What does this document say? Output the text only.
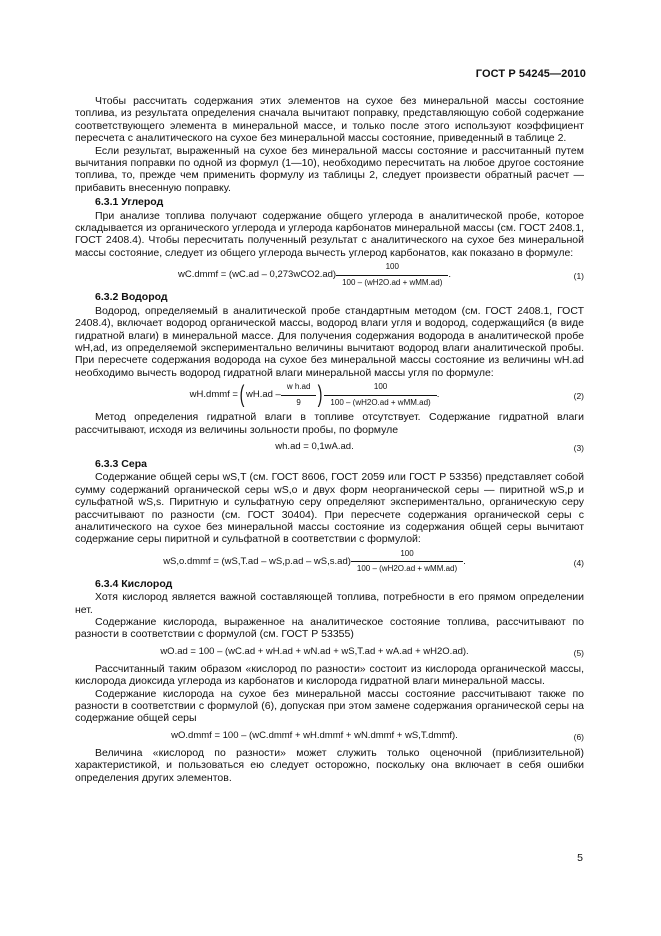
ГОСТ Р 54245—2010

Чтобы рассчитать содержания этих элементов на сухое без минеральной массы состояние топлива, из результата определения сначала вычитают поправку, представляющую собой содержание соответствующего элемента в минеральной массе, и только после этого используют коэффициент пересчета с аналитического на сухое без минеральной массы состояние, приведенный в таблице 2.

Если результат, выраженный на сухое без минеральной массы состояние и рассчитанный путем вычитания поправки по одной из формул (1—10), необходимо пересчитать на любое другое состояние топлива, то, прежде чем применить формулу из таблицы 2, следует произвести обратный расчет — прибавить внесенную поправку.

6.3.1 Углерод

При анализе топлива получают содержание общего углерода в аналитической пробе, которое складывается из органического углерода и углерода карбонатов минеральной массы (см. ГОСТ 2408.1, ГОСТ 2408.4). Чтобы пересчитать полученный результат с аналитического на сухое без минеральной массы состояние, следует из общего углерода вычесть углерод карбонатов, как показано в формуле:

wC.dmmf = $(wC.ad - 0,273wCO2.ad) \frac{100}{\text{100 – (wH2O.ad + wMM.ad)}}$ .	(1)
6.3.2 Водород

Водород, определяемый в аналитической пробе стандартным методом (см. ГОСТ 2408.1, ГОСТ 2408.4), включает водород органической массы, водород влаги угля и водород, содержащийся (в виде гидратной влаги) в минеральной массе. Для получения содержания водорода в аналитической пробе wH,ad, из определяемой экспериментально величины вычитают водород влаги аналитической пробы. При пересчете содержания водорода на сухое без минеральной массы состояние из величины wH.ad необходимо вычесть водород гидратной влаги минеральной массы угля по формуле:

wH.dmmf = ( $wH.ad - \frac{\text{w h.ad}}{9}$ ) $\frac{100}{\text{100 – (wH2O.ad + wMM.ad)}}$ .	(2)

Метод определения гидратной влаги в топливе отсутствует. Содержание гидратной влаги рассчитывают, исходя из величины зольности пробы, по формуле

wh.ad = 0,1wA.ad.	(3)
6.3.3 Сера

Содержание общей серы wS,T (см. ГОСТ 8606, ГОСТ 2059 или ГОСТ Р 53356) представляет собой сумму содержаний органической серы wS,o и двух форм неорганической серы — пиритной wS,p и сульфатной wS,s. Пиритную и сульфатную серу определяют экспериментально, органическую серу рассчитывают по разности (см. ГОСТ 30404). При пересчете содержания органической серы с аналитического на сухое без минеральной массы состояние из содержания общей серы вычитают содержание серы пиритной и сульфатной в соответствии с формулой:

wS,o.dmmf = $(wS,T.ad - wS,p.ad - wS,s.ad) \frac{100}{\text{100 – (wH2O.ad + wMM.ad)}}$ .	(4)
6.3.4 Кислород

Хотя кислород является важной составляющей топлива, потребности в его прямом определении нет.

Содержание кислорода, выраженное на аналитическое состояние топлива, рассчитывают по разности в соответствии с формулой (см. ГОСТ Р 53355)

wO.ad = 100 – (wC.ad + wH.ad + wN.ad + wS,T.ad + wA.ad + wH2O.ad).	(5)

Рассчитанный таким образом «кислород по разности» состоит из кислорода органической массы, кислорода диоксида углерода из карбонатов и кислорода гидратной влаги минеральной массы.

Содержание кислорода на сухое без минеральной массы состояние рассчитывают также по разности в соответствии с формулой (6), допуская при этом замене содержания органической серы на содержание общей серы

wO.dmmf = 100 – (wC.dmmf + wH.dmmf + wN.dmmf + wS,T.dmmf).	(6)

Величина «кислород по разности» может служить только оценочной (приблизительной) характеристикой, и пользоваться ею следует осторожно, поскольку она включает в себя ошибки определения других элементов.

5
